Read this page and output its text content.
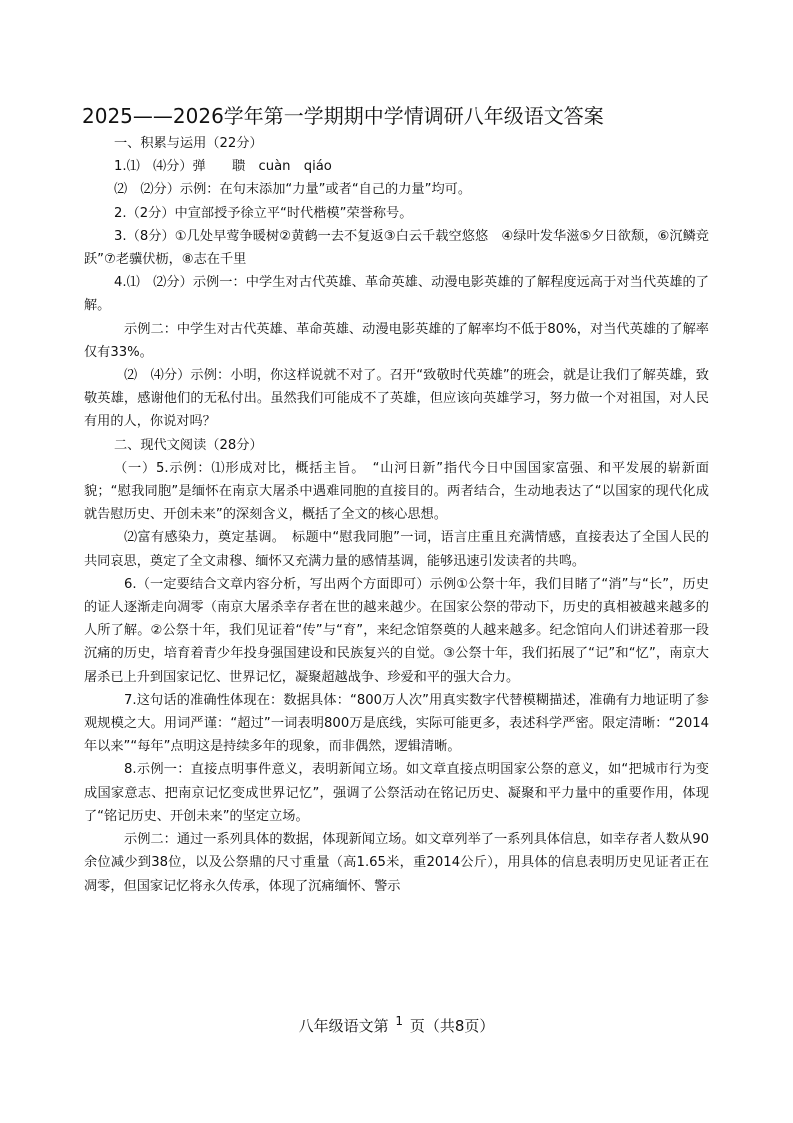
2025——2026学年第一学期期中学情调研八年级语文答案

一、积累与运用（22分）

1.⑴　⑷分）弹　　聩　cuàn　qiáo

⑵　⑵分）示例：在句末添加“力量”或者“自己的力量”均可。

2.（2分）中宣部授予徐立平“时代楷模”荣誉称号。

3.（8分）①几处早莺争暖树②黄鹤一去不复返③白云千载空悠悠　④绿叶发华滋⑤夕日欲颓，⑥沉鳞竞跃”⑦老骥伏枥，⑧志在千里

4.⑴　⑵分）示例一：中学生对古代英雄、革命英雄、动漫电影英雄的了解程度远高于对当代英雄的了解。

示例二：中学生对古代英雄、革命英雄、动漫电影英雄的了解率均不低于80%，对当代英雄的了解率仅有33%。

⑵　⑷分）示例：小明，你这样说就不对了。召开“致敬时代英雄”的班会，就是让我们了解英雄，致敬英雄，感谢他们的无私付出。虽然我们可能成不了英雄，但应该向英雄学习，努力做一个对祖国，对人民有用的人，你说对吗？

二、现代文阅读（28分）

（一）5.示例：⑴形成对比，概括主旨。　“山河日新”指代今日中国国家富强、和平发展的崭新面貌；“慰我同胞”是缅怀在南京大屠杀中遇难同胞的直接目的。两者结合，生动地表达了“以国家的现代化成就告慰历史、开创未来”的深刻含义，概括了全文的核心思想。

⑵富有感染力，奠定基调。　标题中“慰我同胞”一词，语言庄重且充满情感，直接表达了全国人民的共同哀思，奠定了全文肃穆、缅怀又充满力量的感情基调，能够迅速引发读者的共鸣。

6.（一定要结合文章内容分析，写出两个方面即可）示例①公祭十年，我们目睹了“消”与“长”，历史的证人逐渐走向凋零（南京大屠杀幸存者在世的越来越少。在国家公祭的带动下，历史的真相被越来越多的人所了解。②公祭十年，我们见证着“传”与“育”，来纪念馆祭奠的人越来越多。纪念馆向人们讲述着那一段沉痛的历史，培育着青少年投身强国建设和民族复兴的自觉。③公祭十年，我们拓展了“记”和“忆”，南京大屠杀已上升到国家记忆、世界记忆，凝聚超越战争、珍爱和平的强大合力。

7.这句话的准确性体现在：数据具体：“800万人次”用真实数字代替模糊描述，准确有力地证明了参观规模之大。用词严谨：“超过”一词表明800万是底线，实际可能更多，表述科学严密。限定清晰：“2014年以来”“每年”点明这是持续多年的现象，而非偶然，逻辑清晰。

8.示例一：直接点明事件意义，表明新闻立场。如文章直接点明国家公祭的意义，如“把城市行为变成国家意志、把南京记忆变成世界记忆”，强调了公祭活动在铭记历史、凝聚和平力量中的重要作用，体现了“铭记历史、开创未来”的坚定立场。

示例二：通过一系列具体的数据，体现新闻立场。如文章列举了一系列具体信息，如幸存者人数从90余位减少到38位，以及公祭鼎的尺寸重量（高1.65米，重2014公斤），用具体的信息表明历史见证者正在凋零，但国家记忆将永久传承，体现了沉痛缅怀、警示

八年级语文第 $^1$ 页（共8页）
